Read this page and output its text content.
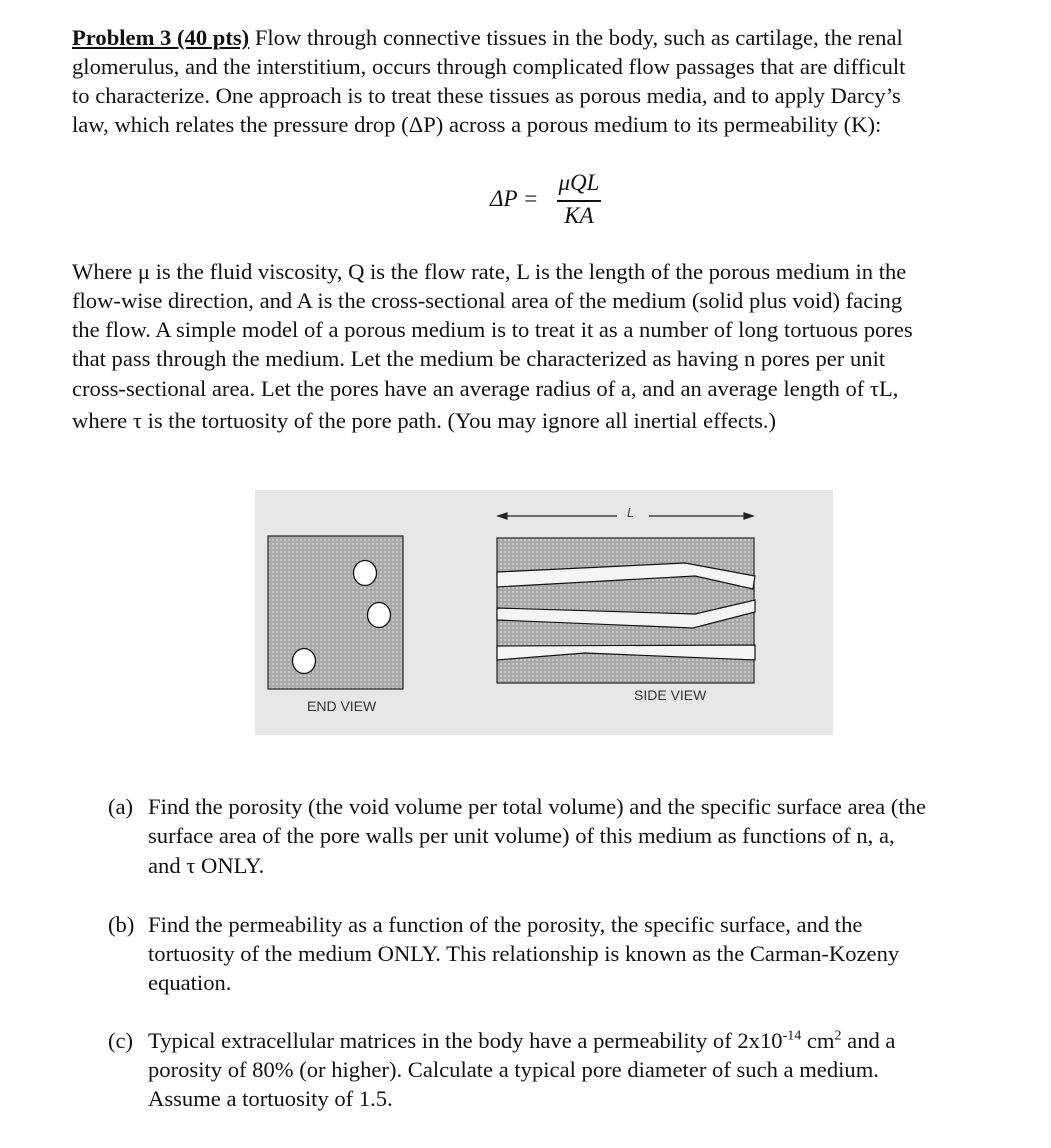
Problem 3 (40 pts) Flow through connective tissues in the body, such as cartilage, the renal
glomerulus, and the interstitium, occurs through complicated flow passages that are difficult
to characterize. One approach is to treat these tissues as porous media, and to apply Darcy’s
law, which relates the pressure drop (ΔP) across a porous medium to its permeability (K):
ΔP =
μQL
KA
Where μ is the fluid viscosity, Q is the flow rate, L is the length of the porous medium in the
flow-wise direction, and A is the cross-sectional area of the medium (solid plus void) facing
the flow. A simple model of a porous medium is to treat it as a number of long tortuous pores
that pass through the medium. Let the medium be characterized as having n pores per unit
cross-sectional area. Let the pores have an average radius of a, and an average length of τL,
where τ is the tortuosity of the pore path. (You may ignore all inertial effects.)
L
END VIEW
SIDE VIEW
(a) Find the porosity (the void volume per total volume) and the specific surface area (the
surface area of the pore walls per unit volume) of this medium as functions of n, a,
and τ ONLY.
(b) Find the permeability as a function of the porosity, the specific surface, and the
tortuosity of the medium ONLY. This relationship is known as the Carman-Kozeny
equation.
(c) Typical extracellular matrices in the body have a permeability of $2x10^{-14}$ $cm^2$ and a
porosity of 80% (or higher). Calculate a typical pore diameter of such a medium.
Assume a tortuosity of 1.5.
